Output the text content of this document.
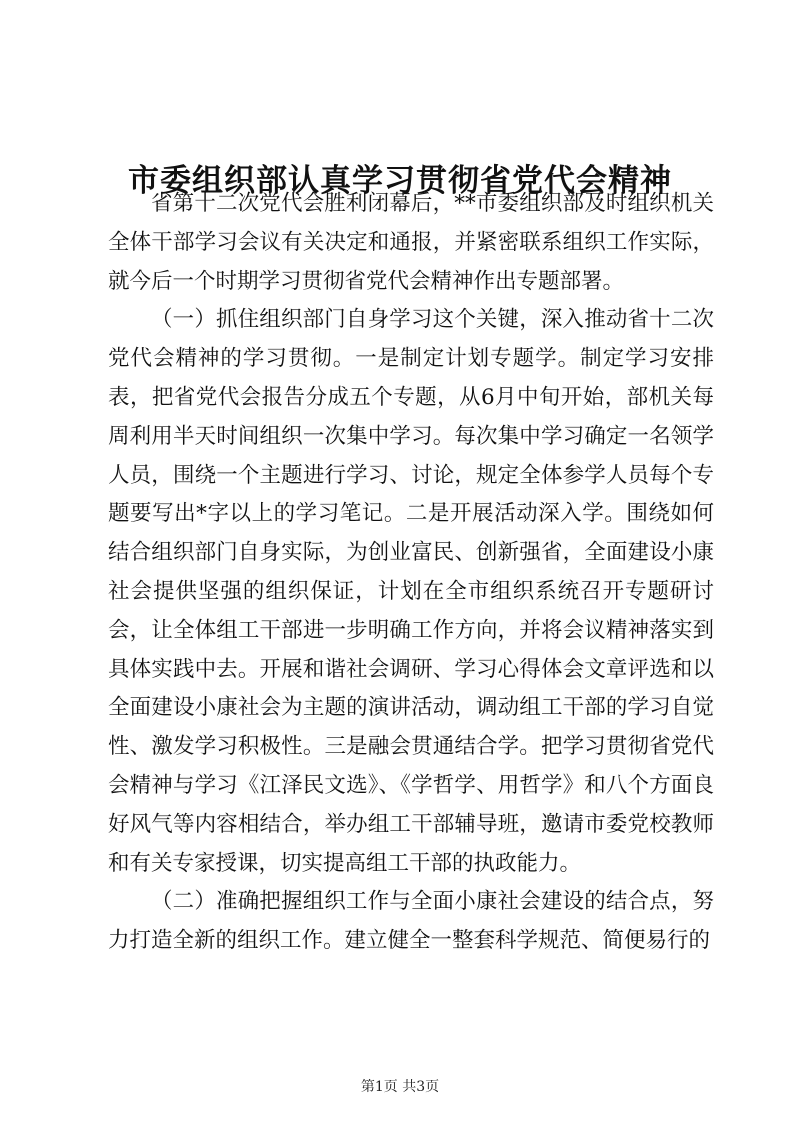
市委组织部认真学习贯彻省党代会精神

省第十二次党代会胜利闭幕后，**市委组织部及时组织机关全体干部学习会议有关决定和通报，并紧密联系组织工作实际，就今后一个时期学习贯彻省党代会精神作出专题部署。

（一）抓住组织部门自身学习这个关键，深入推动省十二次党代会精神的学习贯彻。一是制定计划专题学。制定学习安排表，把省党代会报告分成五个专题，从6月中旬开始，部机关每周利用半天时间组织一次集中学习。每次集中学习确定一名领学人员，围绕一个主题进行学习、讨论，规定全体参学人员每个专题要写出*字以上的学习笔记。二是开展活动深入学。围绕如何结合组织部门自身实际，为创业富民、创新强省，全面建设小康社会提供坚强的组织保证，计划在全市组织系统召开专题研讨会，让全体组工干部进一步明确工作方向，并将会议精神落实到具体实践中去。开展和谐社会调研、学习心得体会文章评选和以全面建设小康社会为主题的演讲活动，调动组工干部的学习自觉性、激发学习积极性。三是融会贯通结合学。把学习贯彻省党代会精神与学习《江泽民文选》、《学哲学、用哲学》和八个方面良好风气等内容相结合，举办组工干部辅导班，邀请市委党校教师和有关专家授课，切实提高组工干部的执政能力。

（二）准确把握组织工作与全面小康社会建设的结合点，努力打造全新的组织工作。建立健全一整套科学规范、简便易行的

第1页 共3页
